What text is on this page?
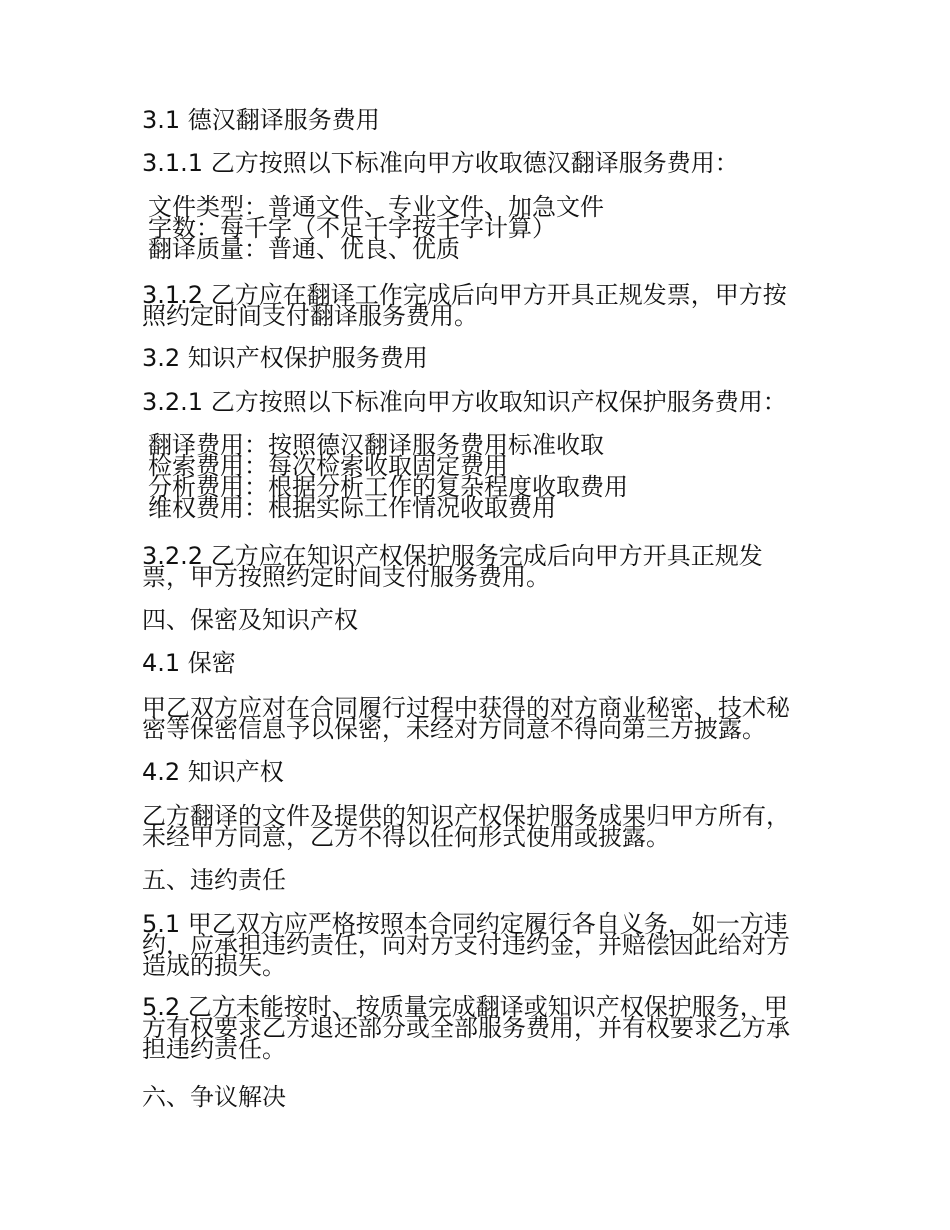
3.1 德汉翻译服务费用

3.1.1 乙方按照以下标准向甲方收取德汉翻译服务费用：

文件类型：普通文件、专业文件、加急文件
字数：每千字（不足千字按千字计算）
翻译质量：普通、优良、优质
3.1.2 乙方应在翻译工作完成后向甲方开具正规发票，甲方按
照约定时间支付翻译服务费用。

3.2 知识产权保护服务费用

3.2.1 乙方按照以下标准向甲方收取知识产权保护服务费用：

翻译费用：按照德汉翻译服务费用标准收取
检索费用：每次检索收取固定费用
分析费用：根据分析工作的复杂程度收取费用
维权费用：根据实际工作情况收取费用
3.2.2 乙方应在知识产权保护服务完成后向甲方开具正规发
票，甲方按照约定时间支付服务费用。

四、保密及知识产权

4.1 保密

甲乙双方应对在合同履行过程中获得的对方商业秘密、技术秘
密等保密信息予以保密，未经对方同意不得向第三方披露。

4.2 知识产权

乙方翻译的文件及提供的知识产权保护服务成果归甲方所有，
未经甲方同意，乙方不得以任何形式使用或披露。

五、违约责任

5.1 甲乙双方应严格按照本合同约定履行各自义务，如一方违
约，应承担违约责任，向对方支付违约金，并赔偿因此给对方
造成的损失。
5.2 乙方未能按时、按质量完成翻译或知识产权保护服务，甲
方有权要求乙方退还部分或全部服务费用，并有权要求乙方承
担违约责任。

六、争议解决
